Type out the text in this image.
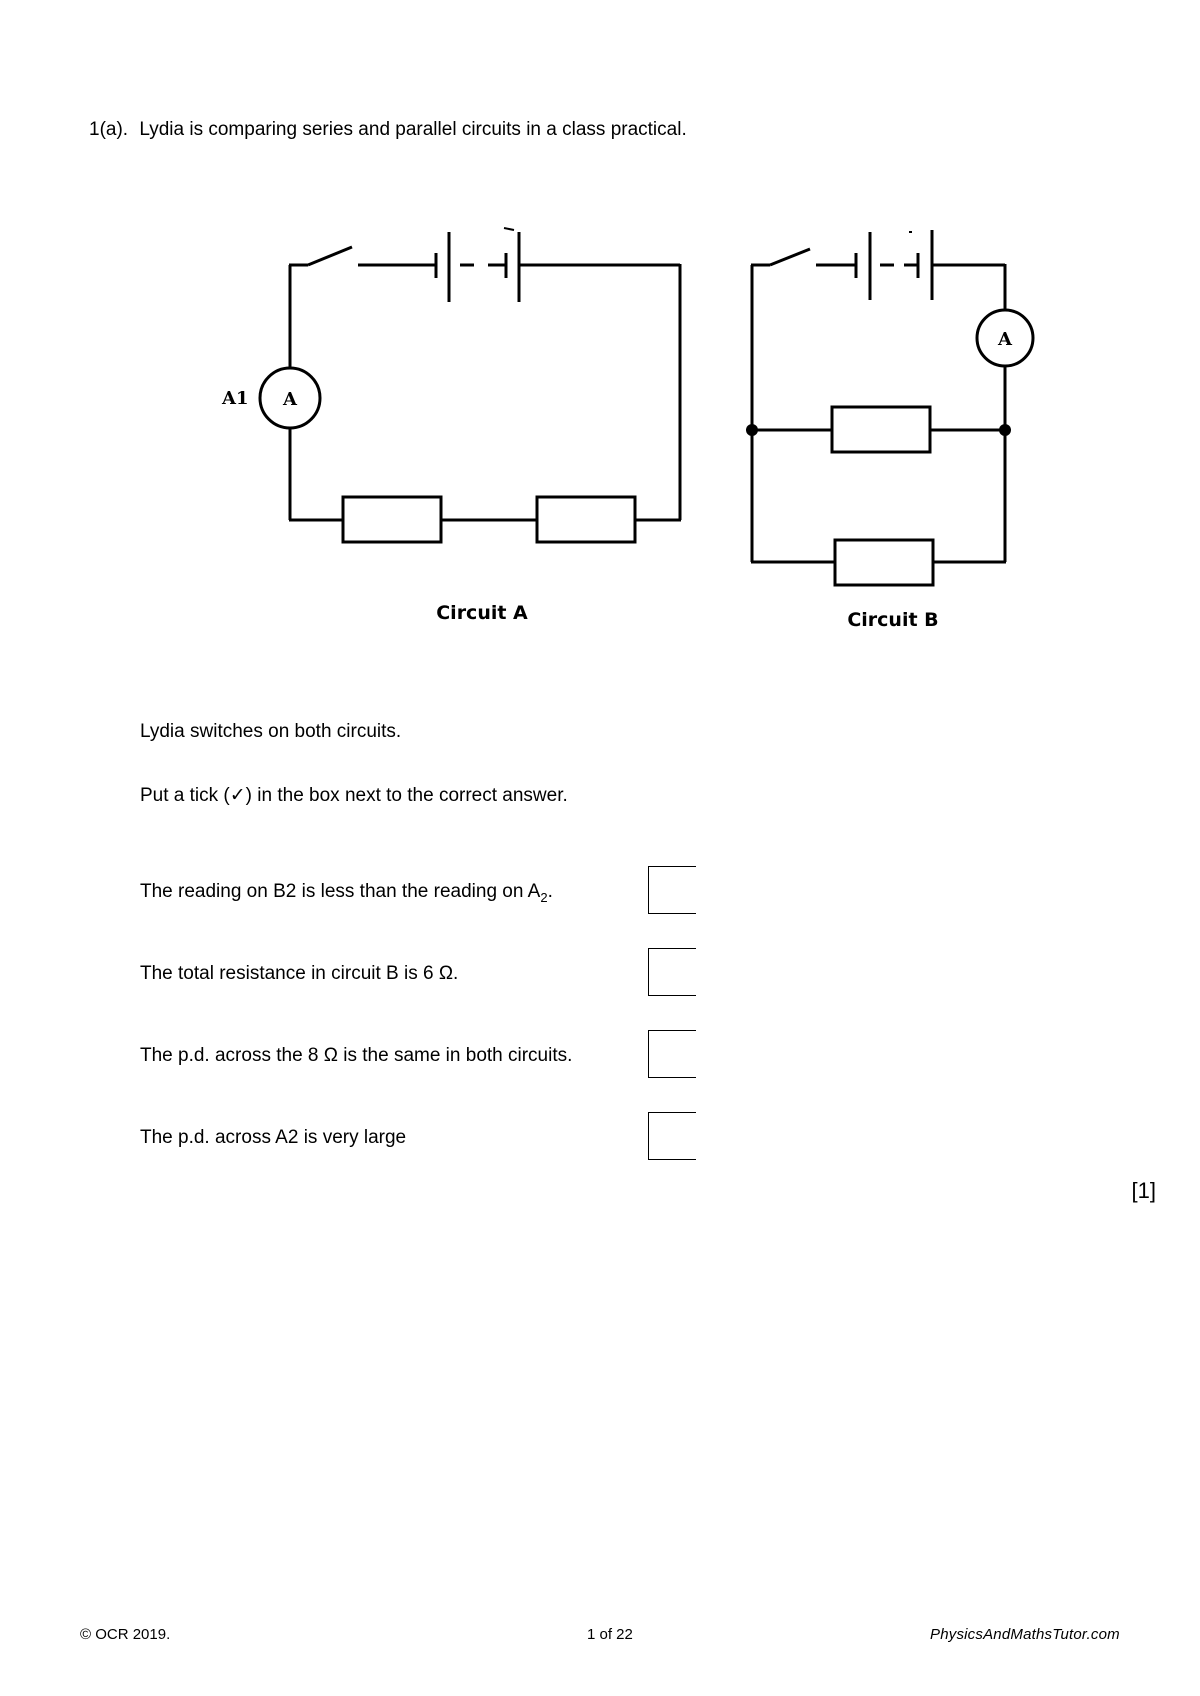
1(a). Lydia is comparing series and parallel circuits in a class practical.
A
A1
Circuit A
A
Circuit B
Lydia switches on both circuits.
Put a tick (✓) in the box next to the correct answer.
The reading on B2 is less than the reading on $A_2$.
The total resistance in circuit B is 6 Ω.
The p.d. across the 8 Ω is the same in both circuits.
The p.d. across A2 is very large
[1]
© OCR 2019.	1 of 22	PhysicsAndMathsTutor.com
